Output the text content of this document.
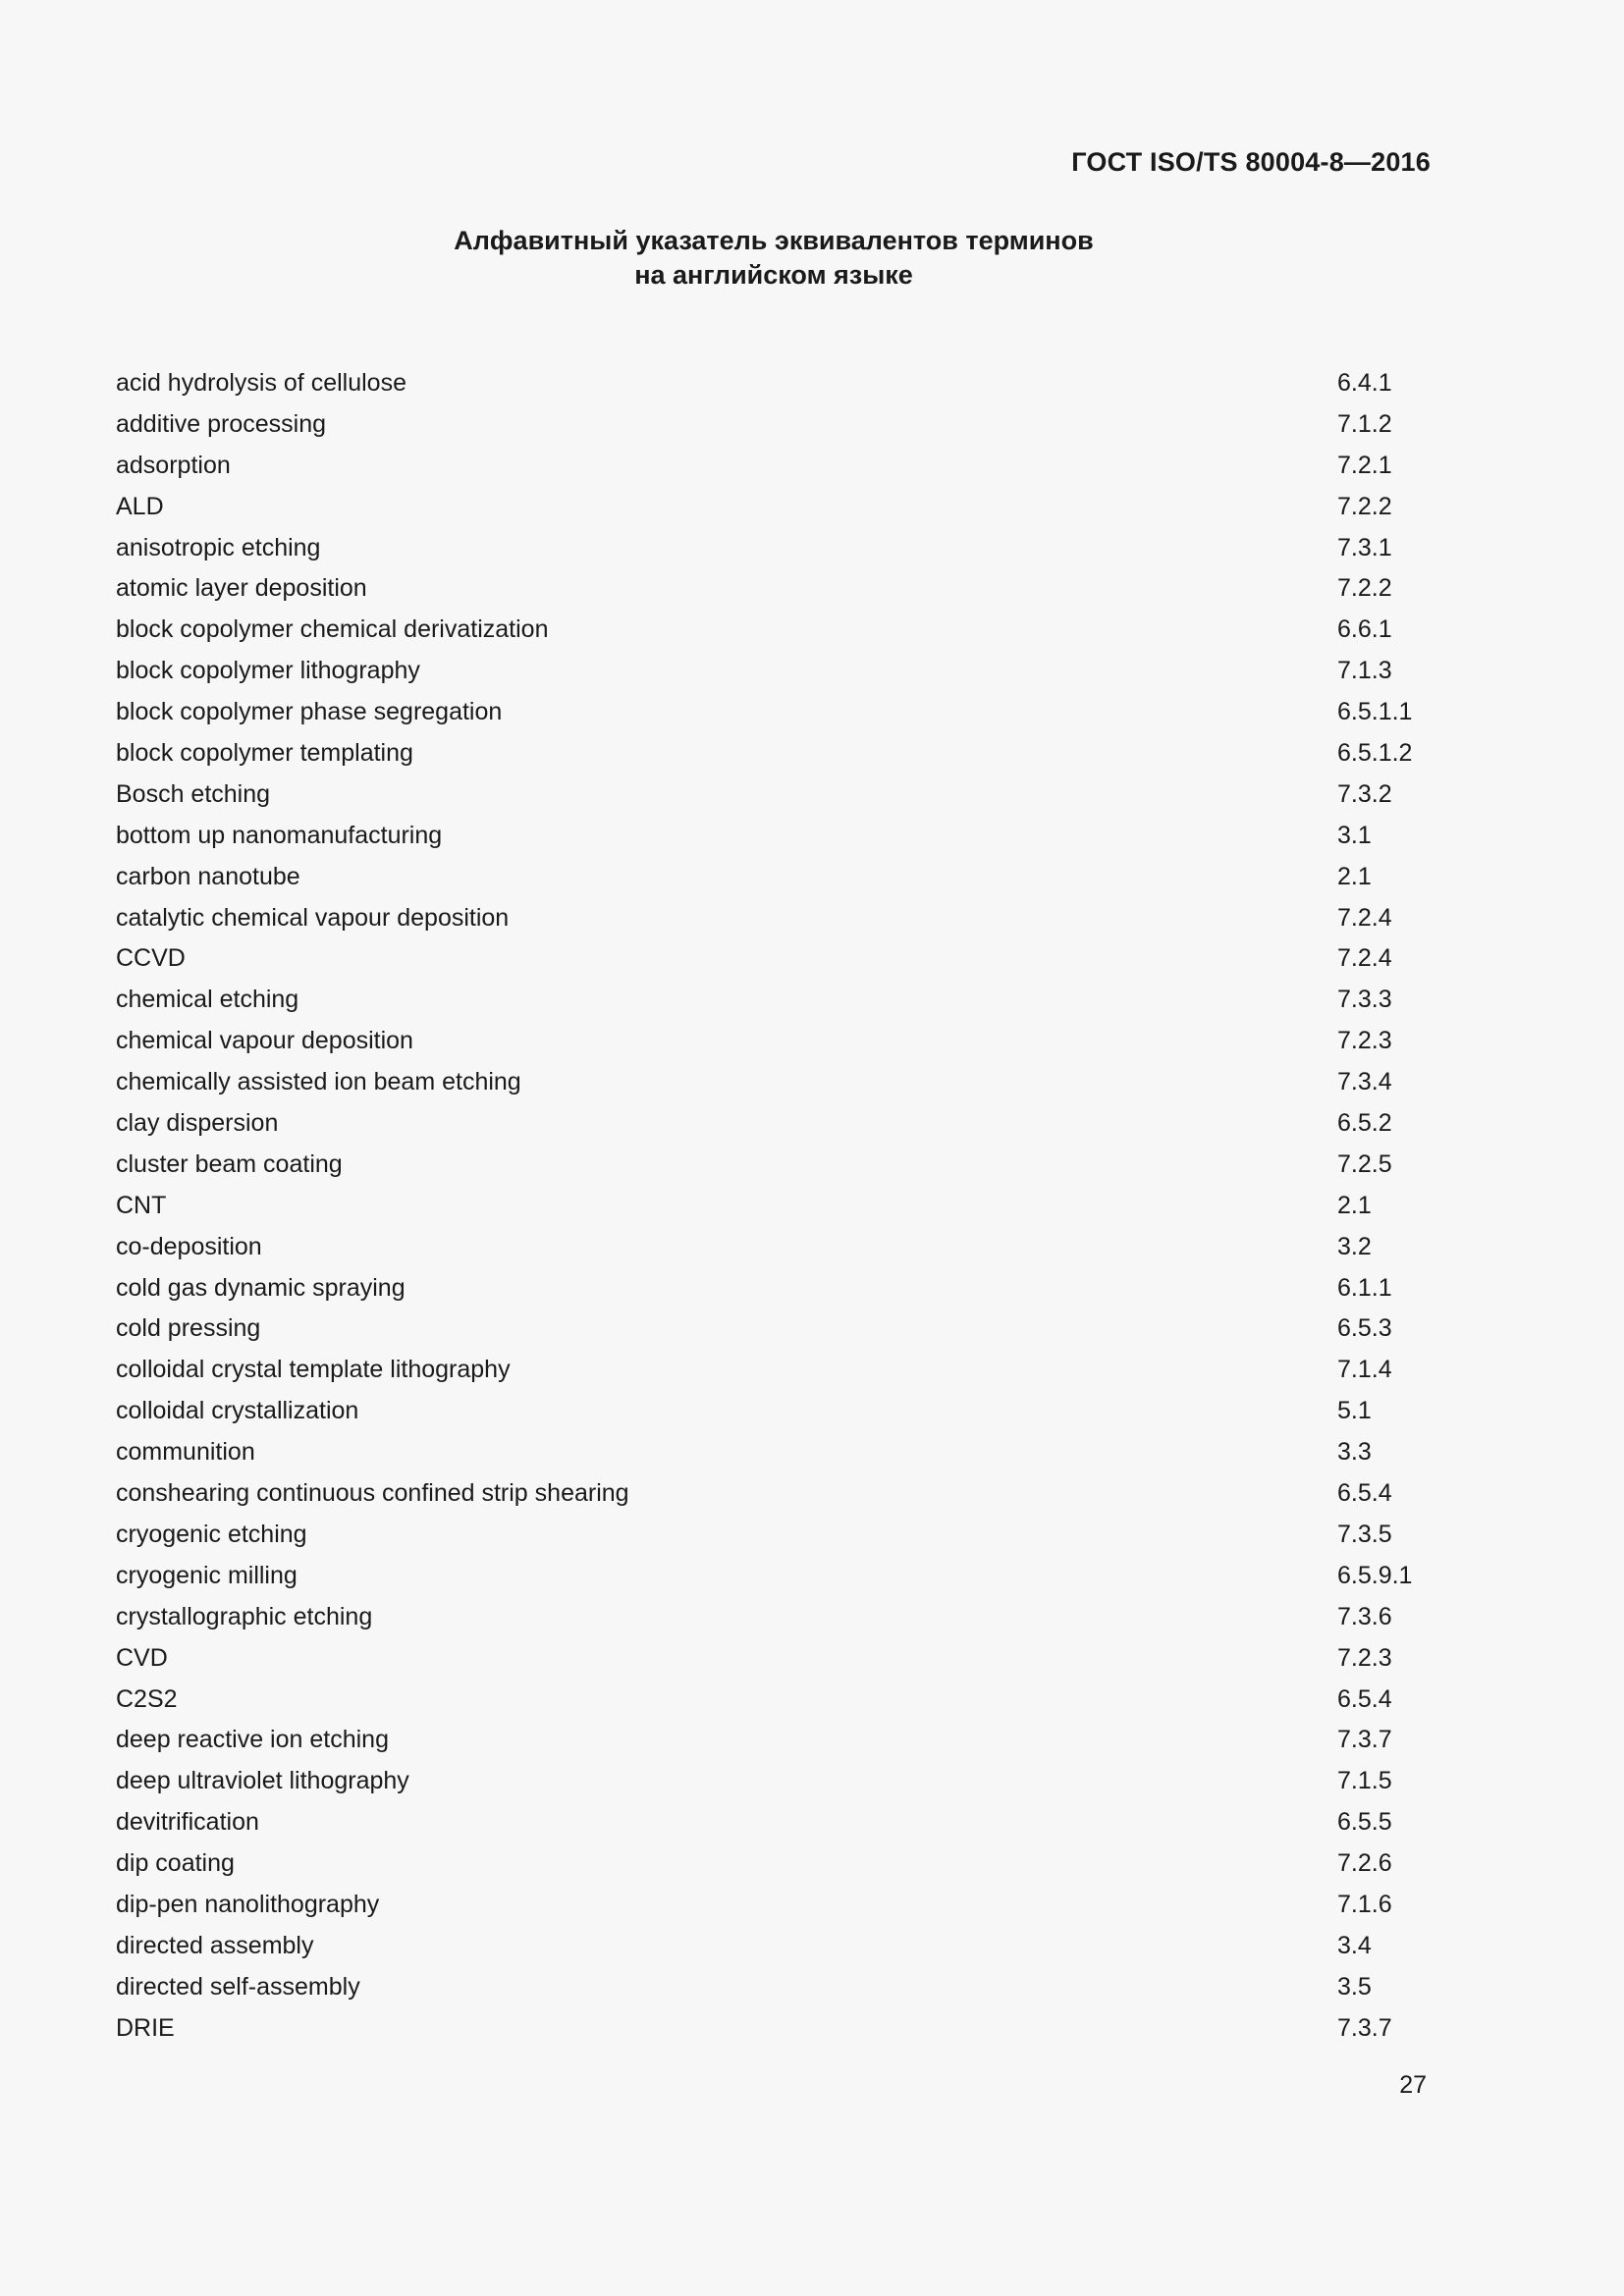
ГОСТ ISO/TS 80004-8—2016
Алфавитный указатель эквивалентов терминов
на английском языке
acid hydrolysis of cellulose	6.4.1
additive processing	7.1.2
adsorption	7.2.1
ALD	7.2.2
anisotropic etching	7.3.1
atomic layer deposition	7.2.2
block copolymer chemical derivatization	6.6.1
block copolymer lithography	7.1.3
block copolymer phase segregation	6.5.1.1
block copolymer templating	6.5.1.2
Bosch etching	7.3.2
bottom up nanomanufacturing	3.1
carbon nanotube	2.1
catalytic chemical vapour deposition	7.2.4
CCVD	7.2.4
chemical etching	7.3.3
chemical vapour deposition	7.2.3
chemically assisted ion beam etching	7.3.4
clay dispersion	6.5.2
cluster beam coating	7.2.5
CNT	2.1
co-deposition	3.2
cold gas dynamic spraying	6.1.1
cold pressing	6.5.3
colloidal crystal template lithography	7.1.4
colloidal crystallization	5.1
communition	3.3
conshearing continuous confined strip shearing	6.5.4
cryogenic etching	7.3.5
cryogenic milling	6.5.9.1
crystallographic etching	7.3.6
CVD	7.2.3
C2S2	6.5.4
deep reactive ion etching	7.3.7
deep ultraviolet lithography	7.1.5
devitrification	6.5.5
dip coating	7.2.6
dip-pen nanolithography	7.1.6
directed assembly	3.4
directed self-assembly	3.5
DRIE	7.3.7
27
